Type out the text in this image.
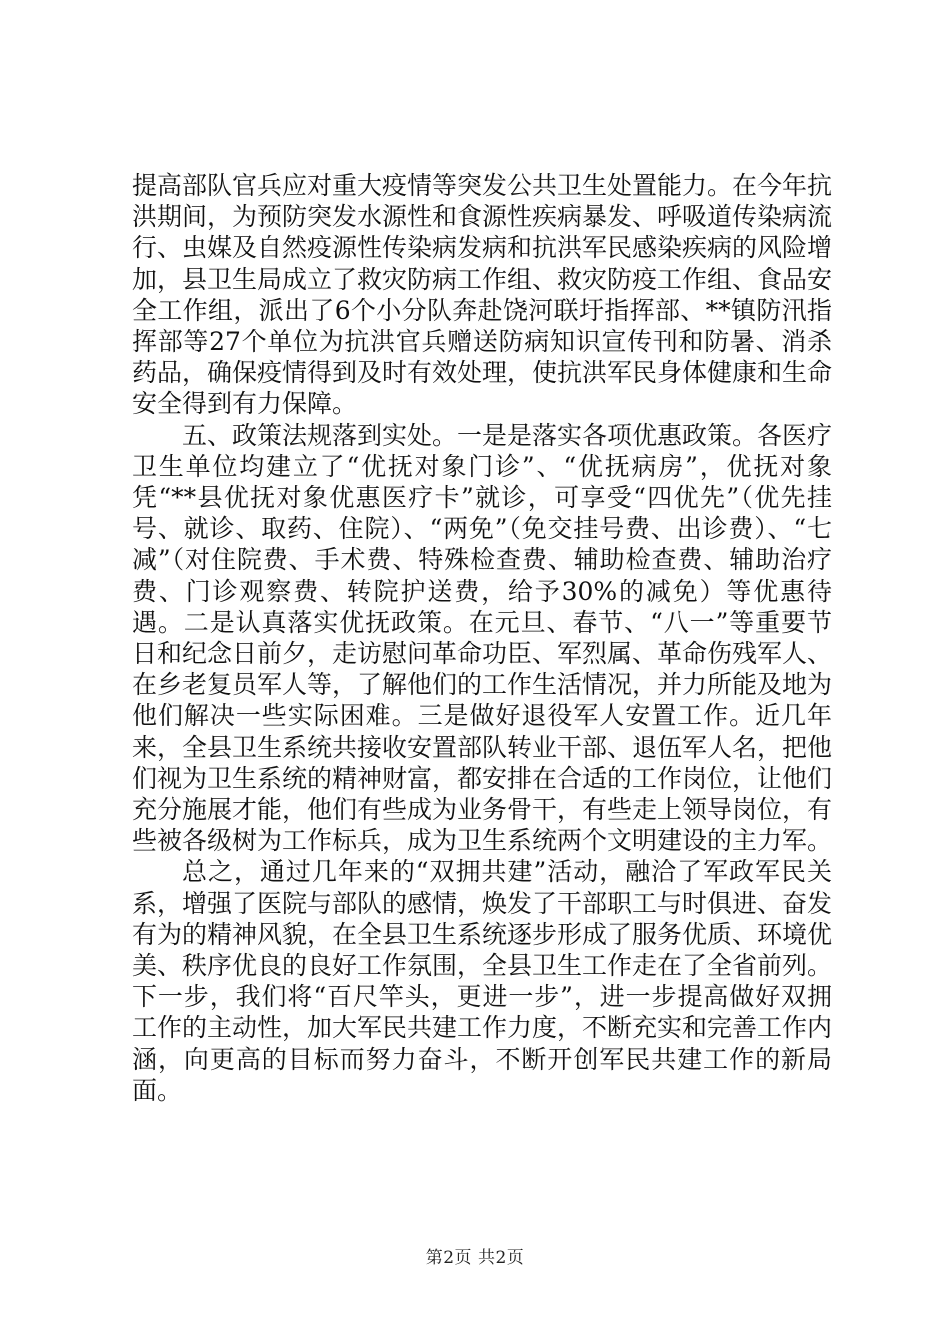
提高部队官兵应对重大疫情等突发公共卫生处置能力。在今年抗洪期间，为预防突发水源性和食源性疾病暴发、呼吸道传染病流行、虫媒及自然疫源性传染病发病和抗洪军民感染疾病的风险增加，县卫生局成立了救灾防病工作组、救灾防疫工作组、食品安全工作组，派出了6个小分队奔赴饶河联圩指挥部、**镇防汛指挥部等27个单位为抗洪官兵赠送防病知识宣传刊和防暑、消杀药品，确保疫情得到及时有效处理，使抗洪军民身体健康和生命安全得到有力保障。

五、政策法规落到实处。一是是落实各项优惠政策。各医疗卫生单位均建立了“优抚对象门诊”、“优抚病房”，优抚对象凭“**县优抚对象优惠医疗卡”就诊，可享受“四优先”（优先挂号、就诊、取药、住院）、“两免”（免交挂号费、出诊费）、“七减”（对住院费、手术费、特殊检查费、辅助检查费、辅助治疗费、门诊观察费、转院护送费，给予30%的减免）等优惠待遇。二是认真落实优抚政策。在元旦、春节、“八一”等重要节日和纪念日前夕，走访慰问革命功臣、军烈属、革命伤残军人、在乡老复员军人等，了解他们的工作生活情况，并力所能及地为他们解决一些实际困难。三是做好退役军人安置工作。近几年来，全县卫生系统共接收安置部队转业干部、退伍军人名，把他们视为卫生系统的精神财富，都安排在合适的工作岗位，让他们充分施展才能，他们有些成为业务骨干，有些走上领导岗位，有些被各级树为工作标兵，成为卫生系统两个文明建设的主力军。

总之，通过几年来的“双拥共建”活动，融洽了军政军民关系，增强了医院与部队的感情，焕发了干部职工与时俱进、奋发有为的精神风貌，在全县卫生系统逐步形成了服务优质、环境优美、秩序优良的良好工作氛围，全县卫生工作走在了全省前列。下一步，我们将“百尺竿头，更进一步”，进一步提高做好双拥工作的主动性，加大军民共建工作力度，不断充实和完善工作内涵，向更高的目标而努力奋斗，不断开创军民共建工作的新局面。

第2页 共2页
